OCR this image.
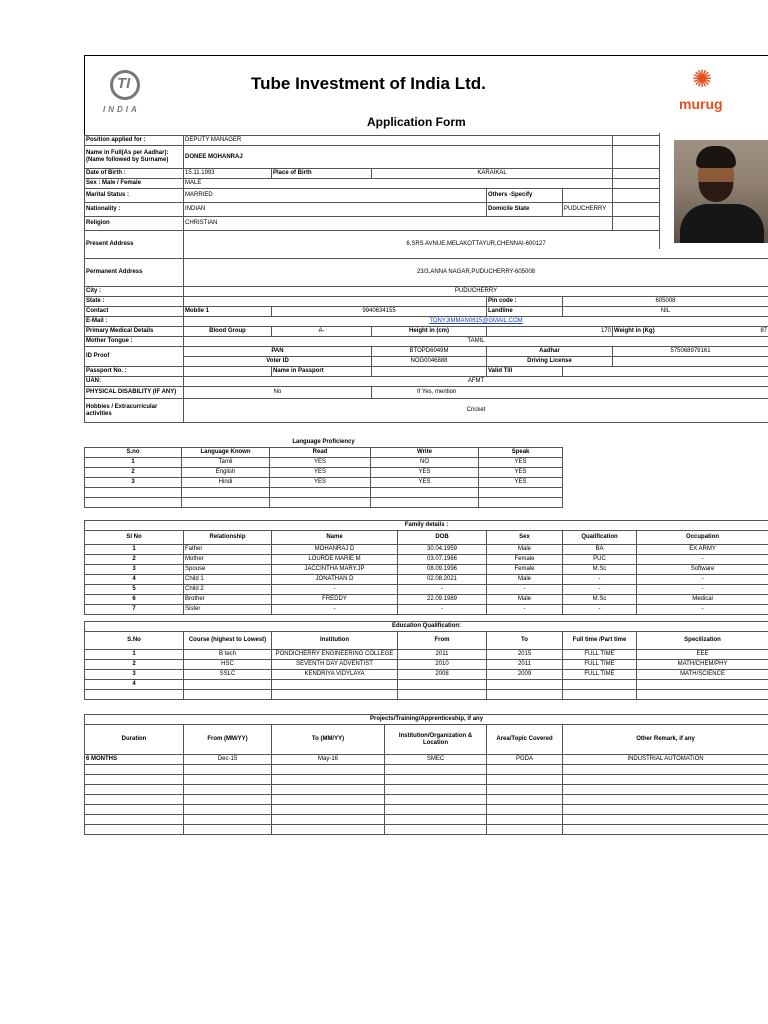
TI
INDIA
Tube Investment of India Ltd.	✺
murug
Application Form
Position applied for :	DEPUTY MANAGER					
Name in Full(As per Aadhar):
(Name followed by Surname)	DONEE MOHANRAJ					
Date of Birth :	15.11.1993	Place of Birth	KARAIKAL			
Sex : Male / Female	MALE					
Marital Status :	MARRIED			Others -Specify		
Nationality :	INDIAN			Domicile State	PUDUCHERRY	
Religion	CHRISTIAN					
Present Address	6,SRS AVNUE,MELAKOTTAYUR,CHENNAI-600127					
Permanent Address	23/3,ANNA NAGAR,PUDUCHERRY-605008					
City :	PUDUCHERRY					
State :				Pin code :	605008	
Contact	Mobile 1	9940634155		Landline	NIL	
E-Mail :	TONYJIMMAN0615@GMAIL.COM					
Primary Medical Details	Blood Group	A-	Height in (cm)	170		Weight in (Kg) 87

Mother Tongue :	TAMIL					
ID Proof	PAN		BTOPD6049M	Aadhar		575068979161
	Voter ID		NOG0046888	Driving License		
Passport No. :		Name in Passport		Valid Till		
UAN:	AFMT					
PHYSICAL DISABILITY (IF ANY)	No		If Yes, mention			
Hobbies / Extracurricular activities	Cricket					
Language Proficiency				
S.no	Language Known	Read	Write	Speak
1	Tamil	YES	NO	YES
2	English	YES	YES	YES
3	Hindi	YES	YES	YES

Family details :						
Sl No	Relationship	Name	DOB	Sex	Qualification	Occupation
1	Father	MOHANRAJ D	30.04.1959	Male	BA	EX ARMY
2	Mother	LOURDE MARIE M	03.07.1966	Female	PUC	-
3	Spouse	JACCINTHA MARY.JP	08.09.1996	Female	M.Sc	Software
4	Child 1	JONATHAN D	02.08.2021	Male	-	-
5	Child 2	-	-	-	-	-
6	Brother	FREDDY	22.09.1989	Male	M.Sc	Medical
7	Sister	-	-	-	-	-
Education Qualification:						
S.No	Course (highest to Lowest)	Institution	From	To	Full time /Part time	Specilization
1	B tech	PONDICHERRY ENGINEERING COLLEGE	2011	2015	FULL TIME	EEE
2	HSC	SEVENTH DAY ADVENTIST	2010	2011	FULL TIME	MATH/CHEM/PHY
3	SSLC	KENDRIYA VIDYLAYA	2008	2009	FULL TIME	MATH/SCIENCE
4						

Projects/Training/Apprenticeship, if any					
Duration	From (MM/YY)	To (MM/YY)	Institution/Organization & Location	Area/Topic Covered	Other Remark, if any
6 MONTHS	Dec-15	May-16	SMEC	PGDA	INDUSTRIAL AUTOMATION
